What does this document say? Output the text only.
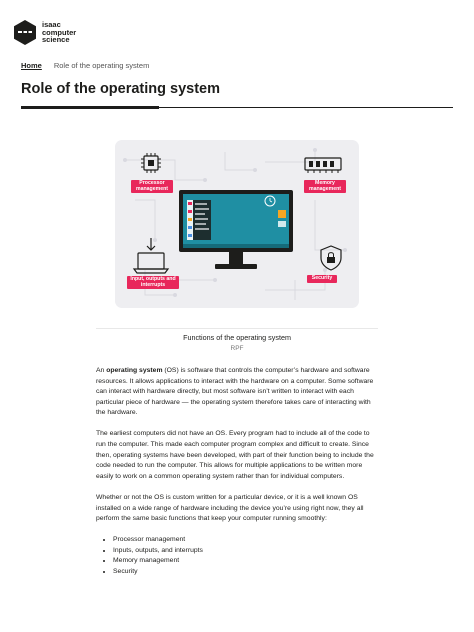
isaac
computer
science
Home Role of the operating system
Role of the operating system
Processor management
Memory management
Input, outputs and interrupts
Security
Functions of the operating system
RPF

An operating system (OS) is software that controls the computer’s hardware and software resources. It allows applications to interact with the hardware on a computer. Some software can interact with hardware directly, but most software isn’t written to interact with each particular piece of hardware — the operating system therefore takes care of interacting with the hardware.

The earliest computers did not have an OS. Every program had to include all of the code to run the computer. This made each computer program complex and difficult to create. Since then, operating systems have been developed, with part of their function being to include the code needed to run the computer. This allows for multiple applications to be written more easily to work on a common operating system rather than for individual computers.

Whether or not the OS is custom written for a particular device, or it is a well known OS installed on a wide range of hardware including the device you’re using right now, they all perform the same basic functions that keep your computer running smoothly:

• Processor management
• Inputs, outputs, and interrupts
• Memory management
• Security
